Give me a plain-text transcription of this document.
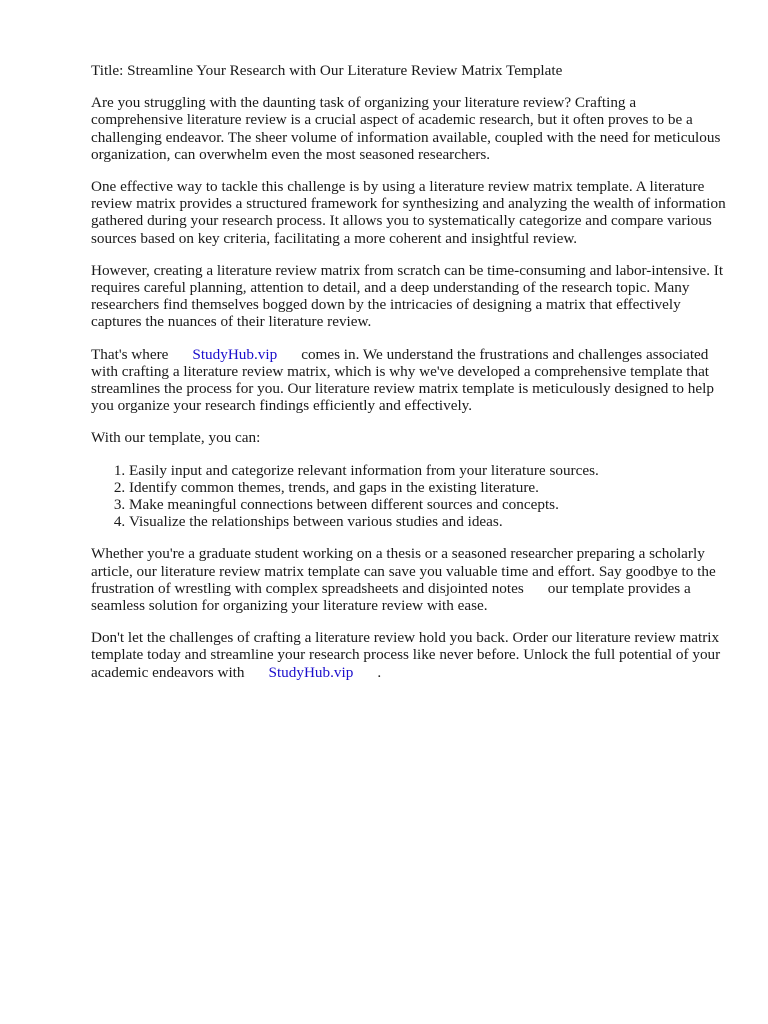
Title: Streamline Your Research with Our Literature Review Matrix Template

Are you struggling with the daunting task of organizing your literature review? Crafting a comprehensive literature review is a crucial aspect of academic research, but it often proves to be a challenging endeavor. The sheer volume of information available, coupled with the need for meticulous organization, can overwhelm even the most seasoned researchers.

One effective way to tackle this challenge is by using a literature review matrix template. A literature review matrix provides a structured framework for synthesizing and analyzing the wealth of information gathered during your research process. It allows you to systematically categorize and compare various sources based on key criteria, facilitating a more coherent and insightful review.

However, creating a literature review matrix from scratch can be time-consuming and labor-intensive. It requires careful planning, attention to detail, and a deep understanding of the research topic. Many researchers find themselves bogged down by the intricacies of designing a matrix that effectively captures the nuances of their literature review.

That's where StudyHub.vip comes in. We understand the frustrations and challenges associated with crafting a literature review matrix, which is why we've developed a comprehensive template that streamlines the process for you. Our literature review matrix template is meticulously designed to help you organize your research findings efficiently and effectively.

With our template, you can:

1. Easily input and categorize relevant information from your literature sources.
2. Identify common themes, trends, and gaps in the existing literature.
3. Make meaningful connections between different sources and concepts.
4. Visualize the relationships between various studies and ideas.

Whether you're a graduate student working on a thesis or a seasoned researcher preparing a scholarly article, our literature review matrix template can save you valuable time and effort. Say goodbye to the frustration of wrestling with complex spreadsheets and disjointed notes our template provides a seamless solution for organizing your literature review with ease.

Don't let the challenges of crafting a literature review hold you back. Order our literature review matrix template today and streamline your research process like never before. Unlock the full potential of your academic endeavors with StudyHub.vip .
